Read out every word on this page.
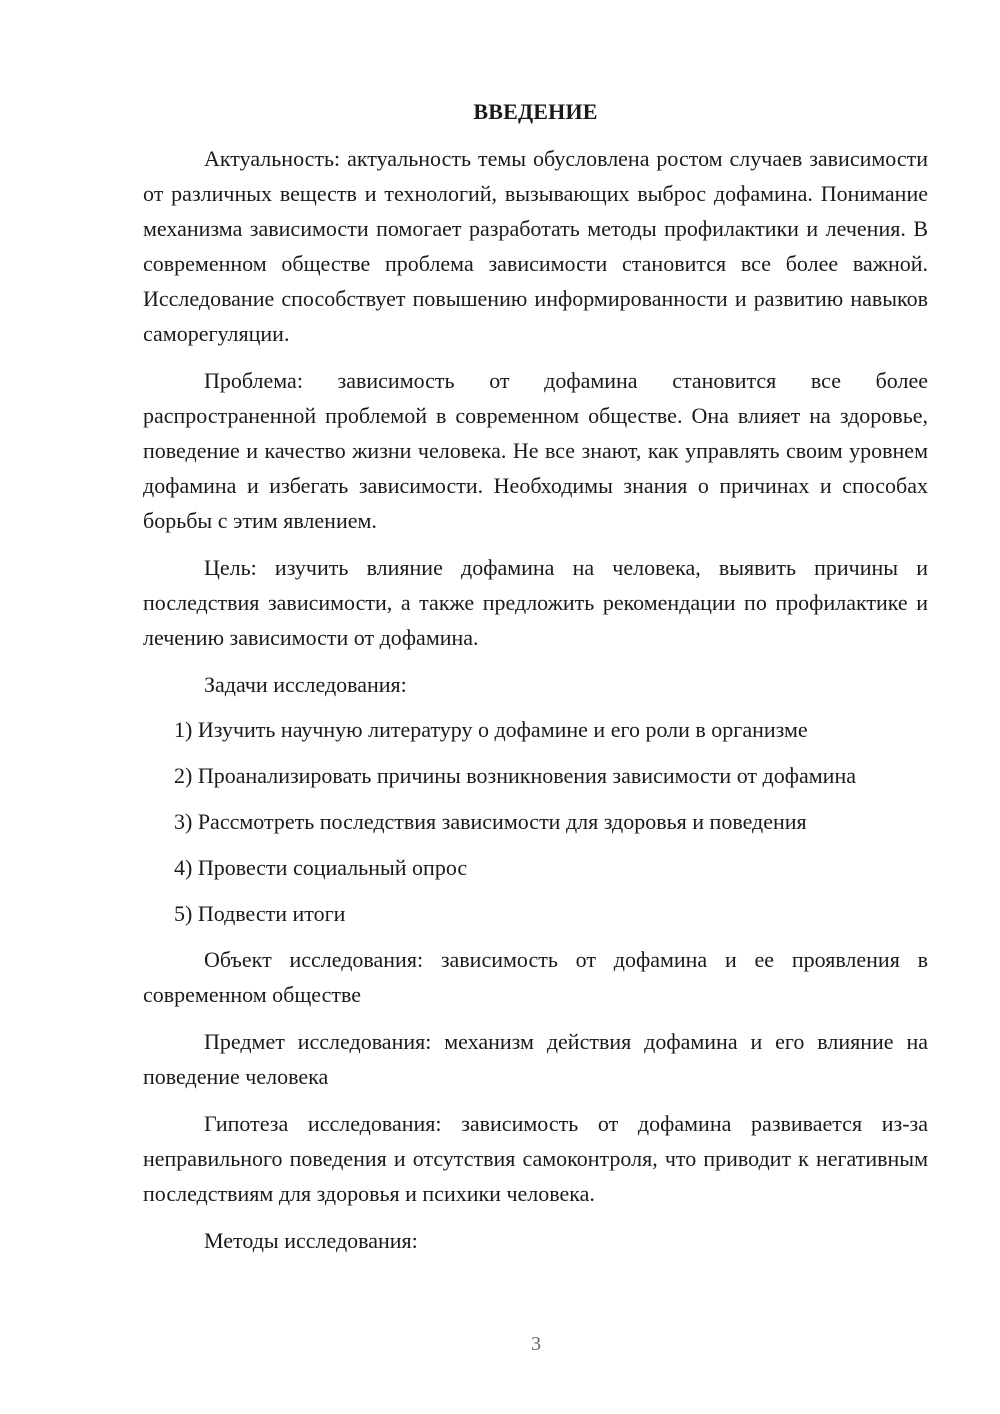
ВВЕДЕНИЕ

Актуальность: актуальность темы обусловлена ростом случаев зависимости от различных веществ и технологий, вызывающих выброс дофамина. Понимание механизма зависимости помогает разработать методы профилактики и лечения. В современном обществе проблема зависимости становится все более важной. Исследование способствует повышению информированности и развитию навыков саморегуляции.

Проблема: зависимость от дофамина становится все более распространенной проблемой в современном обществе. Она влияет на здоровье, поведение и качество жизни человека. Не все знают, как управлять своим уровнем дофамина и избегать зависимости. Необходимы знания о причинах и способах борьбы с этим явлением.

Цель: изучить влияние дофамина на человека, выявить причины и последствия зависимости, а также предложить рекомендации по профилактике и лечению зависимости от дофамина.

Задачи исследования:

1) Изучить научную литературу о дофамине и его роли в организме

2) Проанализировать причины возникновения зависимости от дофамина

3) Рассмотреть последствия зависимости для здоровья и поведения

4) Провести социальный опрос

5) Подвести итоги

Объект исследования: зависимость от дофамина и ее проявления в современном обществе

Предмет исследования: механизм действия дофамина и его влияние на поведение человека

Гипотеза исследования: зависимость от дофамина развивается из-за неправильного поведения и отсутствия самоконтроля, что приводит к негативным последствиям для здоровья и психики человека.

Методы исследования:

3
